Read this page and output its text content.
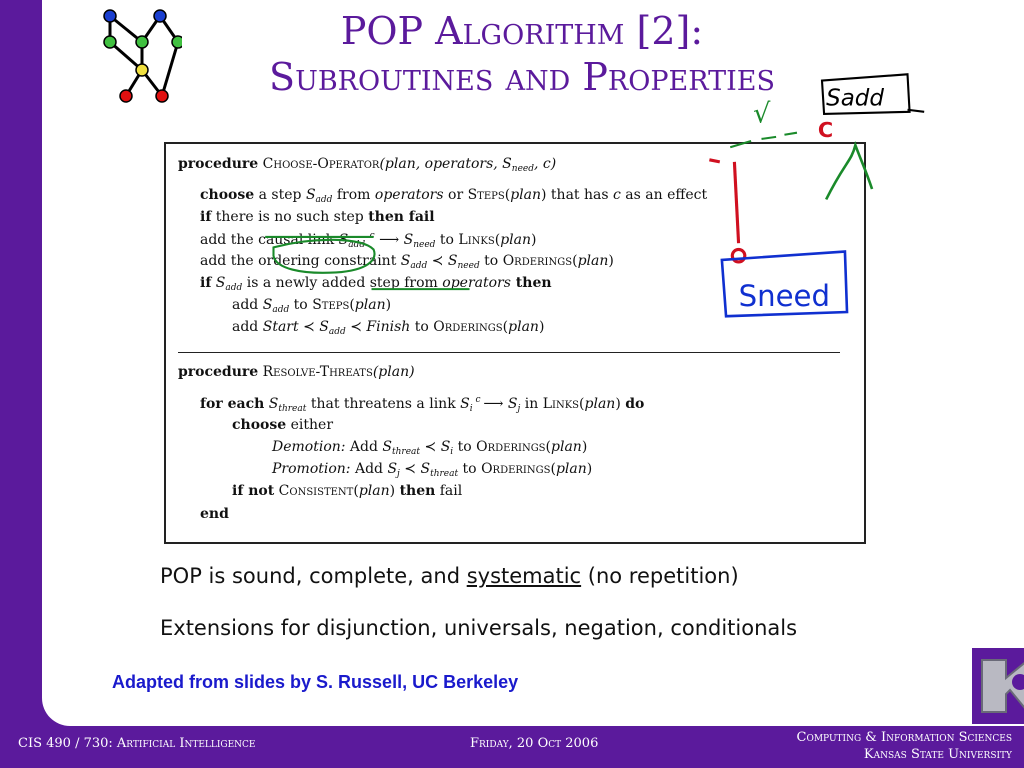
POP Algorithm [2]:
Subroutines and Properties
procedure Choose-Operator(plan, operators, $S_{need}$, c)
choose a step $S_{add}$ from operators or Steps(plan) that has c as an effect
if there is no such step then fail
add the causal link $S_{add}$ $^c$ ⟶ $S_{need}$ to Links(plan)
add the ordering constraint $S_{add}$ ≺ $S_{need}$ to Orderings(plan)
if $S_{add}$ is a newly added step from operators then
add $S_{add}$ to Steps(plan)
add Start ≺ $S_{add}$ ≺ Finish to Orderings(plan)
procedure Resolve-Threats(plan)
for each $S_{threat}$ that threatens a link $S_i$ $^c$ ⟶ $S_j$ in Links(plan) do
choose either
Demotion: Add $S_{threat}$ ≺ $S_i$ to Orderings(plan)
Promotion: Add $S_j$ ≺ $S_{threat}$ to Orderings(plan)
if not Consistent(plan) then fail
end
POP is sound, complete, and systematic (no repetition)
Extensions for disjunction, universals, negation, conditionals
Adapted from slides by S. Russell, UC Berkeley
Sadd
√
C
Sneed
CIS 490 / 730: Artificial Intelligence	Friday, 20 Oct 2006	Computing & Information Sciences
Kansas State University
